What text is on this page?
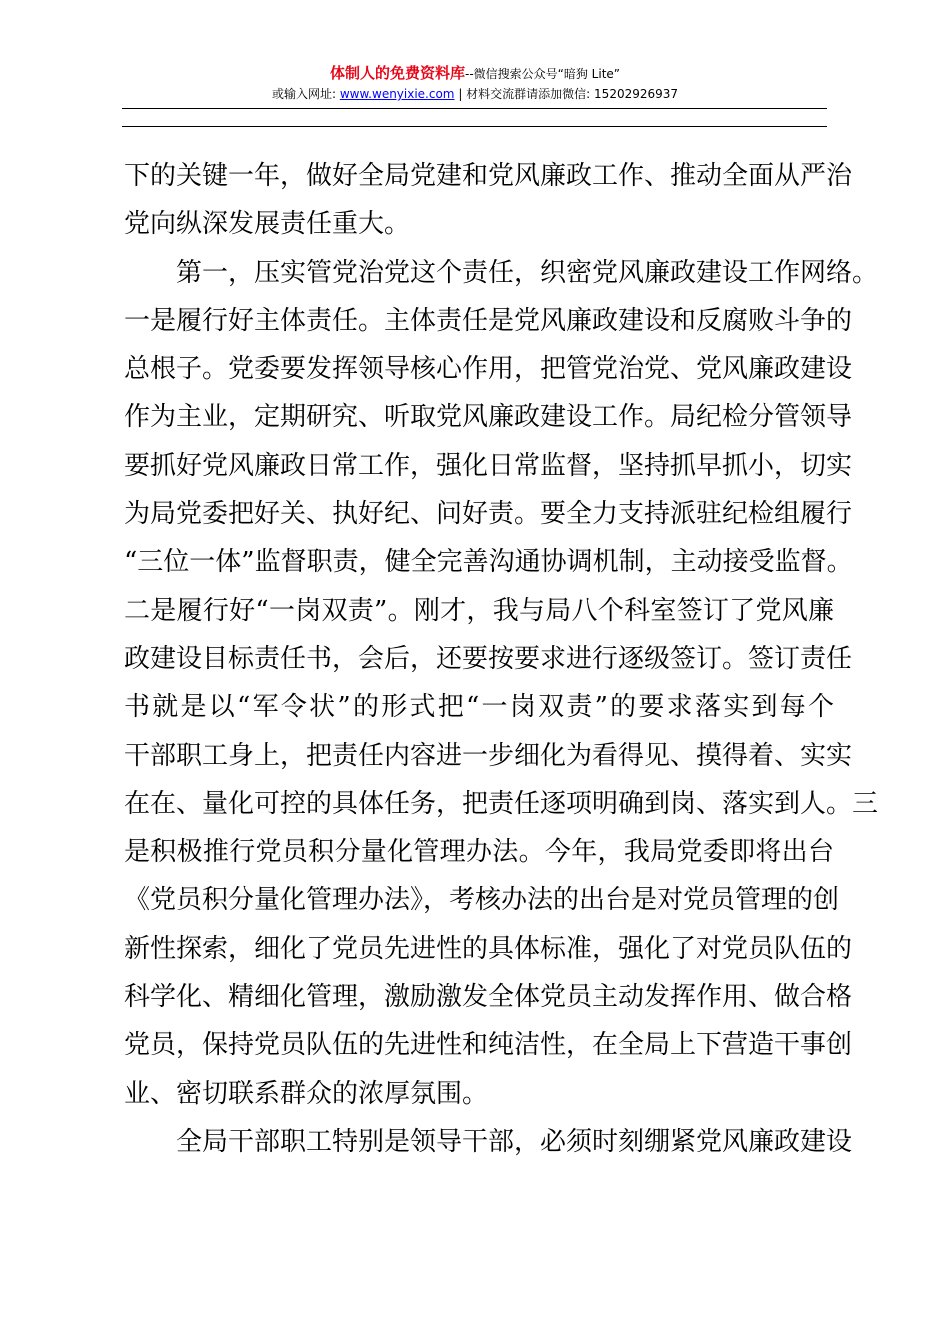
体制人的免费资料库--微信搜索公众号“暗狗 Lite”
或输入网址: www.wenyixie.com | 材料交流群请添加微信: 15202926937
下的关键一年，做好全局党建和党风廉政工作、推动全面从严治
党向纵深发展责任重大。
第一，压实管党治党这个责任，织密党风廉政建设工作网络。
一是履行好主体责任。主体责任是党风廉政建设和反腐败斗争的
总根子。党委要发挥领导核心作用，把管党治党、党风廉政建设
作为主业，定期研究、听取党风廉政建设工作。局纪检分管领导
要抓好党风廉政日常工作，强化日常监督，坚持抓早抓小，切实
为局党委把好关、执好纪、问好责。要全力支持派驻纪检组履行
“三位一体”监督职责，健全完善沟通协调机制，主动接受监督。
二是履行好“一岗双责”。刚才，我与局八个科室签订了党风廉
政建设目标责任书，会后，还要按要求进行逐级签订。签订责任
书就是以“军令状”的形式把“一岗双责”的要求落实到每个
干部职工身上，把责任内容进一步细化为看得见、摸得着、实实
在在、量化可控的具体任务，把责任逐项明确到岗、落实到人。三
是积极推行党员积分量化管理办法。今年，我局党委即将出台
《党员积分量化管理办法》，考核办法的出台是对党员管理的创
新性探索，细化了党员先进性的具体标准，强化了对党员队伍的
科学化、精细化管理，激励激发全体党员主动发挥作用、做合格
党员，保持党员队伍的先进性和纯洁性，在全局上下营造干事创
业、密切联系群众的浓厚氛围。
全局干部职工特别是领导干部，必须时刻绷紧党风廉政建设
